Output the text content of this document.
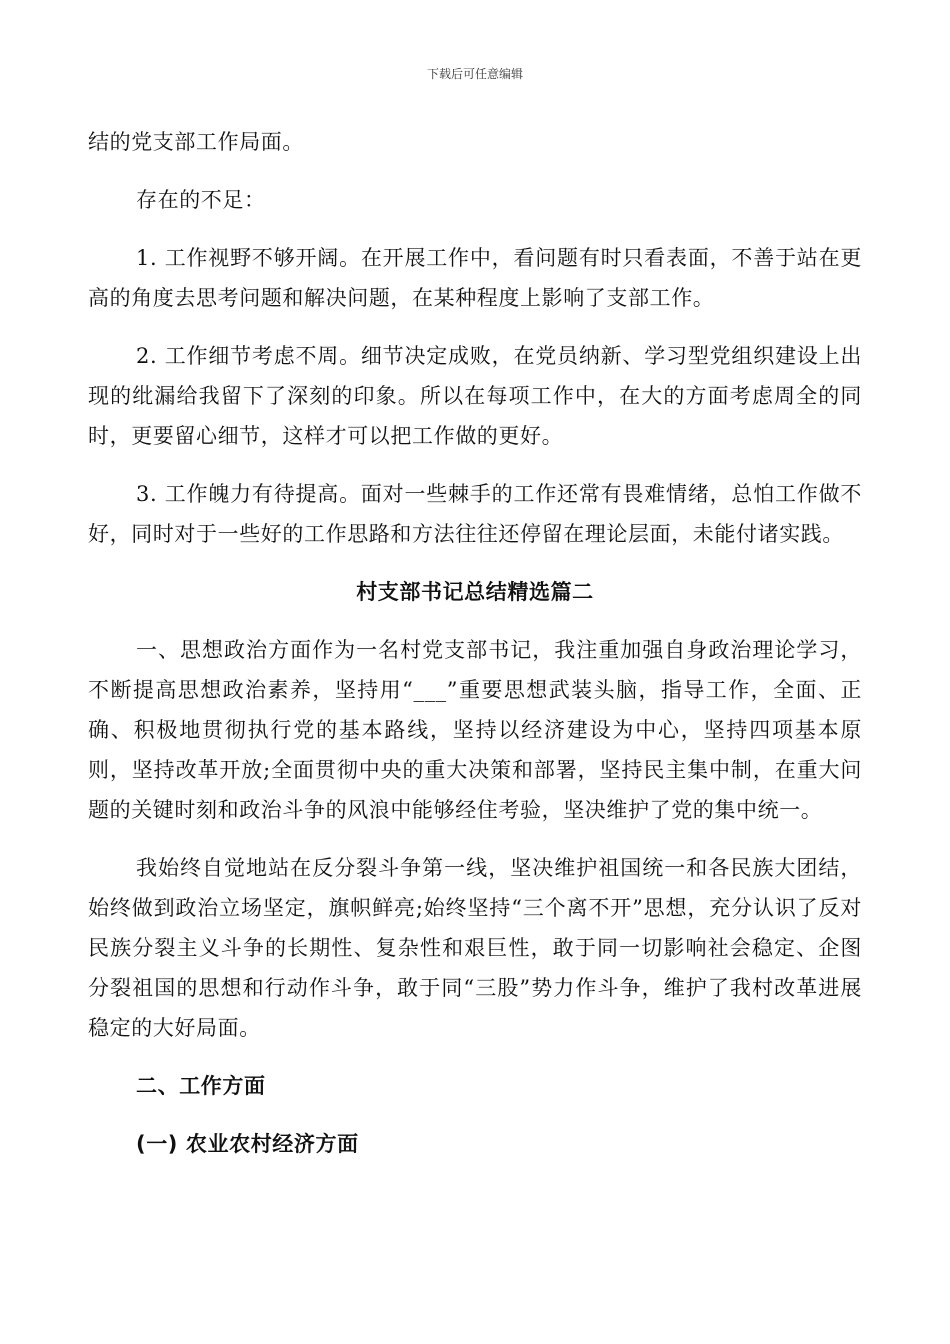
下载后可任意编辑

结的党支部工作局面。

存在的不足：

1. 工作视野不够开阔。在开展工作中，看问题有时只看表面，不善于站在更高的角度去思考问题和解决问题，在某种程度上影响了支部工作。

2. 工作细节考虑不周。细节决定成败，在党员纳新、学习型党组织建设上出现的纰漏给我留下了深刻的印象。所以在每项工作中，在大的方面考虑周全的同时，更要留心细节，这样才可以把工作做的更好。

3. 工作魄力有待提高。面对一些棘手的工作还常有畏难情绪，总怕工作做不好，同时对于一些好的工作思路和方法往往还停留在理论层面，未能付诸实践。

村支部书记总结精选篇二

一、思想政治方面作为一名村党支部书记，我注重加强自身政治理论学习，不断提高思想政治素养，坚持用“___”重要思想武装头脑，指导工作，全面、正确、积极地贯彻执行党的基本路线，坚持以经济建设为中心，坚持四项基本原则，坚持改革开放;全面贯彻中央的重大决策和部署，坚持民主集中制，在重大问题的关键时刻和政治斗争的风浪中能够经住考验，坚决维护了党的集中统一。

我始终自觉地站在反分裂斗争第一线，坚决维护祖国统一和各民族大团结，始终做到政治立场坚定，旗帜鲜亮;始终坚持“三个离不开”思想，充分认识了反对民族分裂主义斗争的长期性、复杂性和艰巨性，敢于同一切影响社会稳定、企图分裂祖国的思想和行动作斗争，敢于同“三股”势力作斗争，维护了我村改革进展稳定的大好局面。

二、工作方面
(一) 农业农村经济方面
